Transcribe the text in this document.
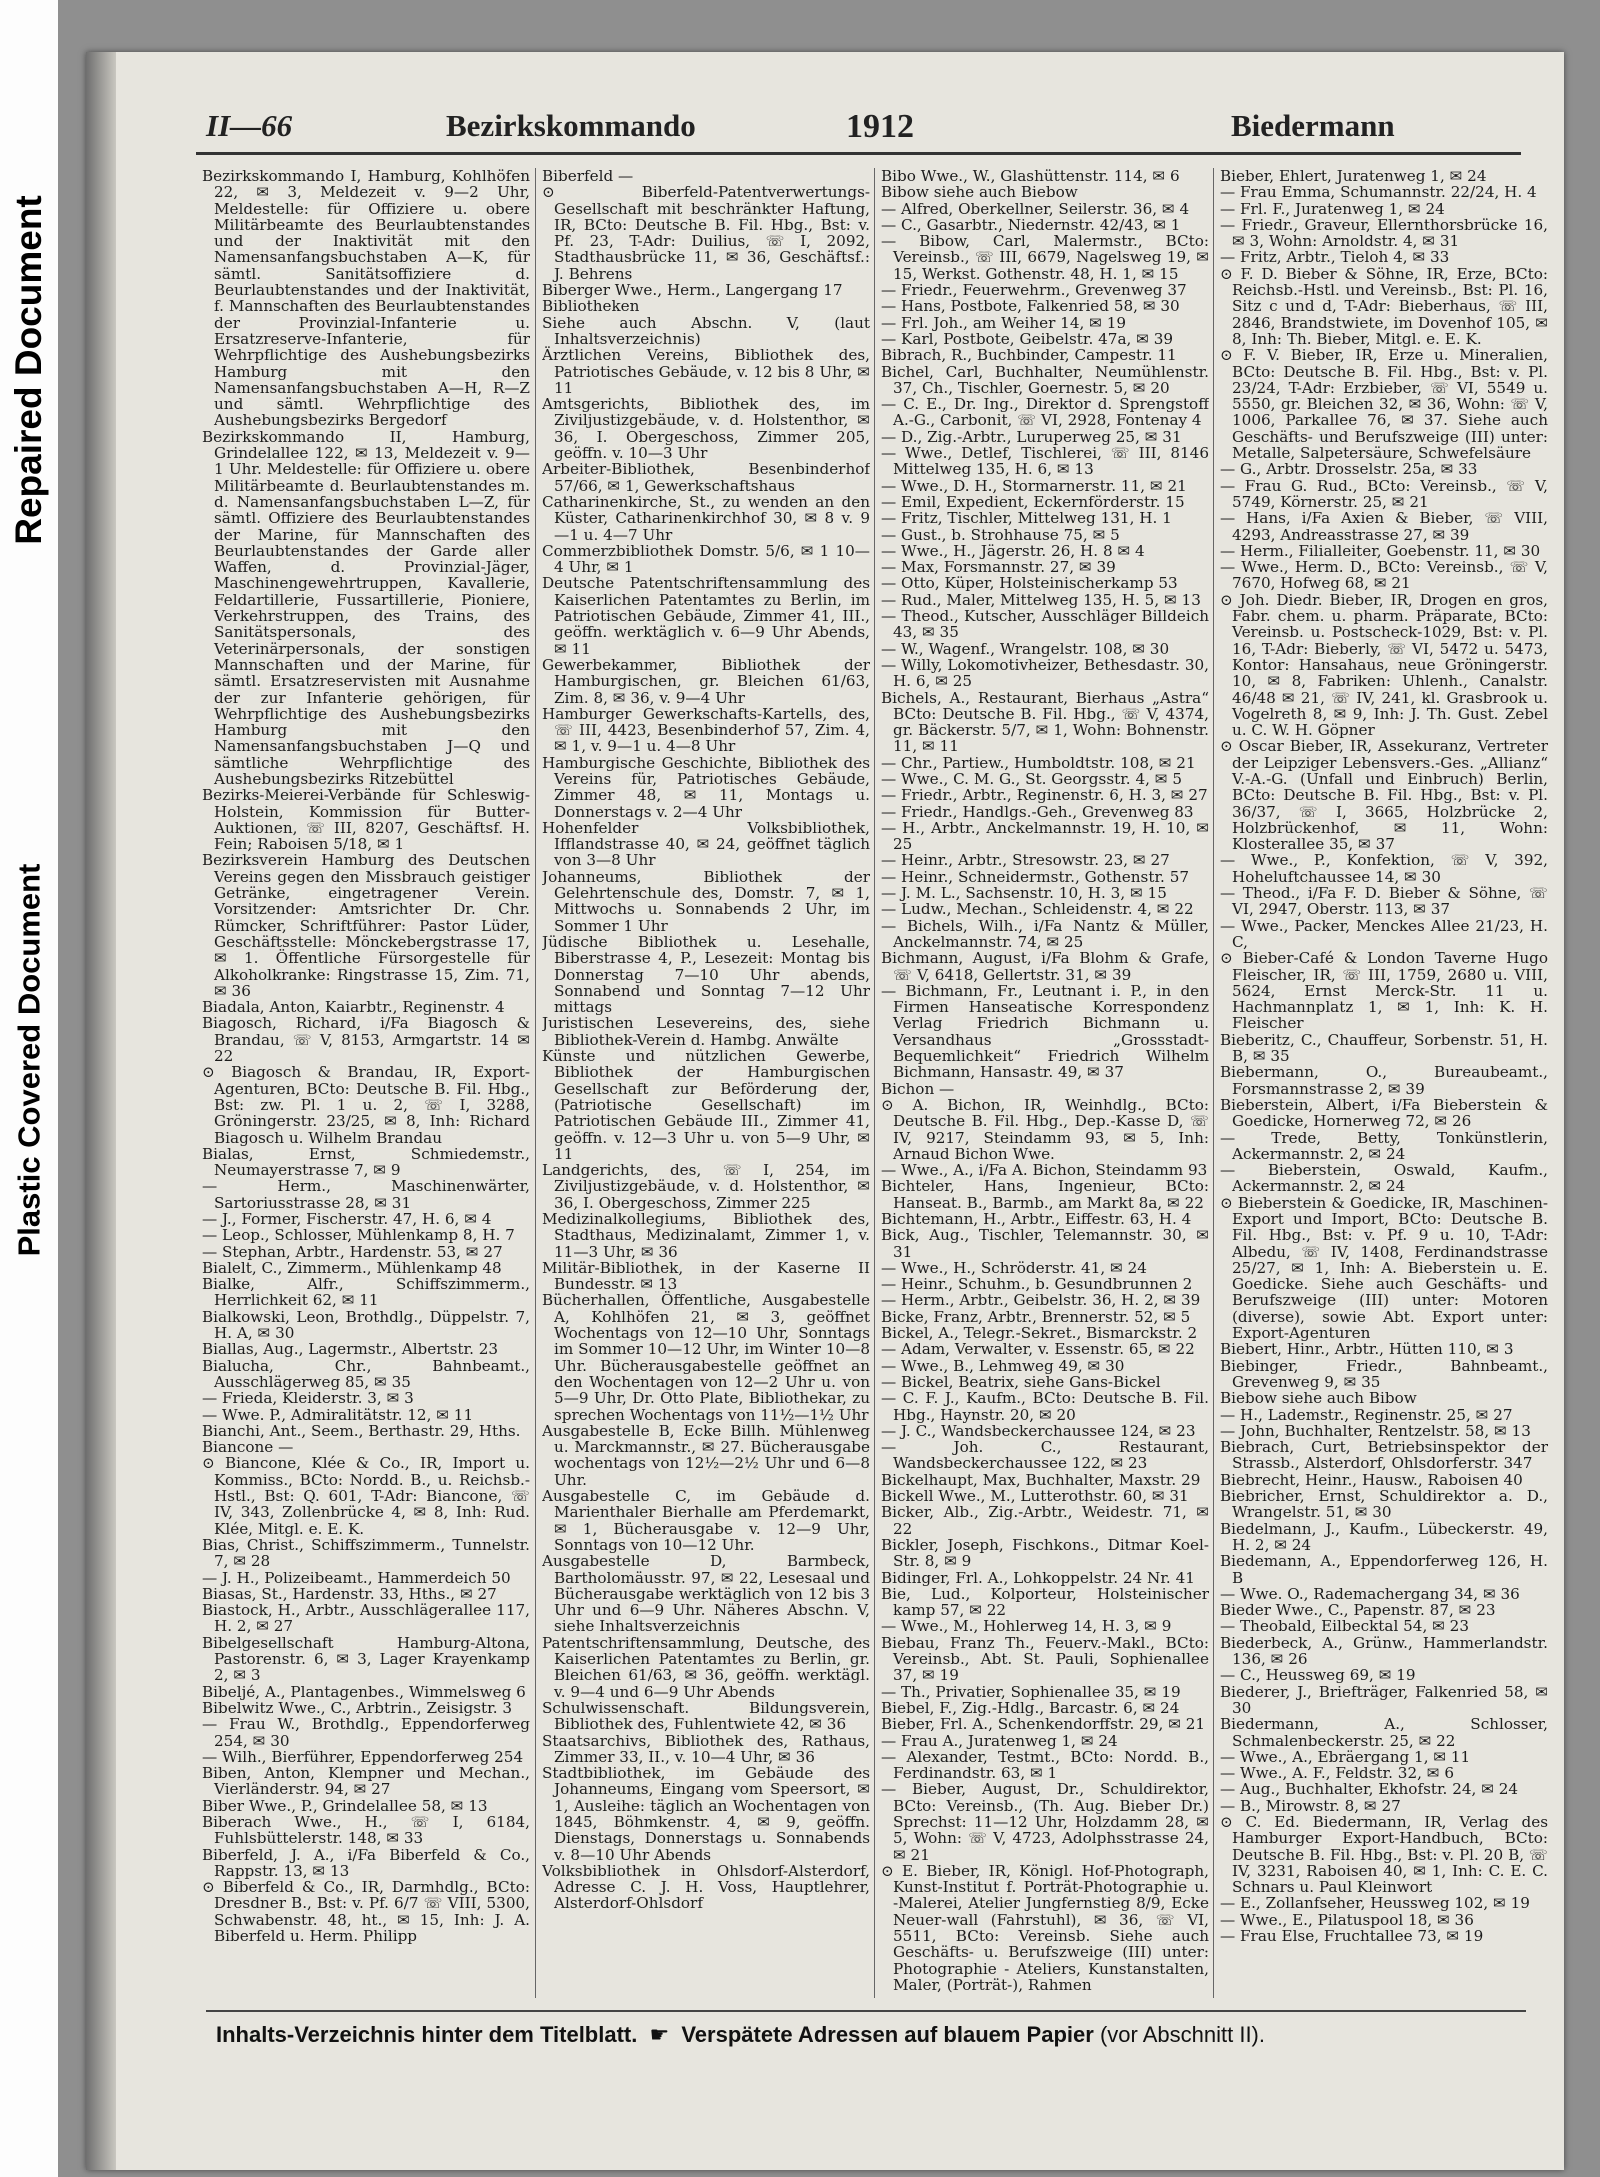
Repaired Document
Plastic Covered Document
II—66	Bezirkskommando	1912	Biedermann

Bezirkskommando I, Hamburg, Kohlhöfen 22, ✉ 3, Meldezeit v. 9—2 Uhr, Meldestelle: für Offiziere u. obere Militärbeamte des Beurlaubtenstandes und der Inaktivität mit den Namensanfangsbuchstaben A—K, für sämtl. Sanitätsoffiziere d. Beurlaubtenstandes und der Inaktivität, f. Mannschaften des Beurlaubtenstandes der Provinzial-Infanterie u. Ersatzreserve-Infanterie, für Wehrpflichtige des Aushebungsbezirks Hamburg mit den Namensanfangsbuchstaben A—H, R—Z und sämtl. Wehrpflichtige des Aushebungsbezirks Bergedorf

Bezirkskommando II, Hamburg, Grindelallee 122, ✉ 13, Meldezeit v. 9—1 Uhr. Meldestelle: für Offiziere u. obere Militärbeamte d. Beurlaubtenstandes m. d. Namensanfangsbuchstaben L—Z, für sämtl. Offiziere des Beurlaubtenstandes der Marine, für Mannschaften des Beurlaubtenstandes der Garde aller Waffen, d. Provinzial-Jäger, Maschinengewehrtruppen, Kavallerie, Feldartillerie, Fussartillerie, Pioniere, Verkehrstruppen, des Trains, des Sanitätspersonals, des Veterinärpersonals, der sonstigen Mannschaften und der Marine, für sämtl. Ersatzreservisten mit Ausnahme der zur Infanterie gehörigen, für Wehrpflichtige des Aushebungsbezirks Hamburg mit den Namensanfangsbuchstaben J—Q und sämtliche Wehrpflichtige des Aushebungsbezirks Ritzebüttel

Bezirks-Meierei-Verbände für Schleswig-Holstein, Kommission für Butter-Auktionen, ☏ III, 8207, Geschäftsf. H. Fein; Raboisen 5/18, ✉ 1

Bezirksverein Hamburg des Deutschen Vereins gegen den Missbrauch geistiger Getränke, eingetragener Verein. Vorsitzender: Amtsrichter Dr. Chr. Rümcker, Schriftführer: Pastor Lüder, Geschäftsstelle: Mönckebergstrasse 17, ✉ 1. Öffentliche Fürsorgestelle für Alkoholkranke: Ringstrasse 15, Zim. 71, ✉ 36

Biadala, Anton, Kaiarbtr., Reginenstr. 4

Biagosch, Richard, i/Fa Biagosch & Brandau, ☏ V, 8153, Armgartstr. 14 ✉ 22

⊙ Biagosch & Brandau, IR, Export-Agenturen, BCto: Deutsche B. Fil. Hbg., Bst: zw. Pl. 1 u. 2, ☏ I, 3288, Gröningerstr. 23/25, ✉ 8, Inh: Richard Biagosch u. Wilhelm Brandau

Bialas, Ernst, Schmiedemstr., Neumayerstrasse 7, ✉ 9

— Herm., Maschinenwärter, Sartoriusstrasse 28, ✉ 31

— J., Former, Fischerstr. 47, H. 6, ✉ 4

— Leop., Schlosser, Mühlenkamp 8, H. 7

— Stephan, Arbtr., Hardenstr. 53, ✉ 27

Bialelt, C., Zimmerm., Mühlenkamp 48

Bialke, Alfr., Schiffszimmerm., Herrlichkeit 62, ✉ 11

Bialkowski, Leon, Brothdlg., Düppelstr. 7, H. A, ✉ 30

Biallas, Aug., Lagermstr., Albertstr. 23

Bialucha, Chr., Bahnbeamt., Ausschlägerweg 85, ✉ 35

— Frieda, Kleiderstr. 3, ✉ 3

— Wwe. P., Admiralitätstr. 12, ✉ 11

Bianchi, Ant., Seem., Berthastr. 29, Hths.

Biancone —

⊙ Biancone, Klée & Co., IR, Import u. Kommiss., BCto: Nordd. B., u. Reichsb.-Hstl., Bst: Q. 601, T-Adr: Biancone, ☏ IV, 343, Zollenbrücke 4, ✉ 8, Inh: Rud. Klée, Mitgl. e. E. K.

Bias, Christ., Schiffszimmerm., Tunnelstr. 7, ✉ 28

— J. H., Polizeibeamt., Hammerdeich 50

Biasas, St., Hardenstr. 33, Hths., ✉ 27

Biastock, H., Arbtr., Ausschlägerallee 117, H. 2, ✉ 27

Bibelgesellschaft Hamburg-Altona, Pastorenstr. 6, ✉ 3, Lager Krayenkamp 2, ✉ 3

Bibeljé, A., Plantagenbes., Wimmelsweg 6

Bibelwitz Wwe., C., Arbtrin., Zeisigstr. 3

— Frau W., Brothdlg., Eppendorferweg 254, ✉ 30

— Wilh., Bierführer, Eppendorferweg 254

Biben, Anton, Klempner und Mechan., Vierländerstr. 94, ✉ 27

Biber Wwe., P., Grindelallee 58, ✉ 13

Biberach Wwe., H., ☏ I, 6184, Fuhlsbüttelerstr. 148, ✉ 33

Biberfeld, J. A., i/Fa Biberfeld & Co., Rappstr. 13, ✉ 13

⊙ Biberfeld & Co., IR, Darmhdlg., BCto: Dresdner B., Bst: v. Pf. 6/7 ☏ VIII, 5300, Schwabenstr. 48, ht., ✉ 15, Inh: J. A. Biberfeld u. Herm. Philipp

Biberfeld —

⊙ Biberfeld-Patentverwertungs-Gesellschaft mit beschränkter Haftung, IR, BCto: Deutsche B. Fil. Hbg., Bst: v. Pf. 23, T-Adr: Duilius, ☏ I, 2092, Stadthausbrücke 11, ✉ 36, Geschäftsf.: J. Behrens

Biberger Wwe., Herm., Langergang 17

Bibliotheken

Siehe auch Abschn. V, (laut Inhaltsverzeichnis)

Ärztlichen Vereins, Bibliothek des, Patriotisches Gebäude, v. 12 bis 8 Uhr, ✉ 11

Amtsgerichts, Bibliothek des, im Ziviljustizgebäude, v. d. Holstenthor, ✉ 36, I. Obergeschoss, Zimmer 205, geöffn. v. 10—3 Uhr

Arbeiter-Bibliothek, Besenbinderhof 57/66, ✉ 1, Gewerkschaftshaus

Catharinenkirche, St., zu wenden an den Küster, Catharinenkirchhof 30, ✉ 8 v. 9—1 u. 4—7 Uhr

Commerzbibliothek Domstr. 5/6, ✉ 1 10—4 Uhr, ✉ 1

Deutsche Patentschriftensammlung des Kaiserlichen Patentamtes zu Berlin, im Patriotischen Gebäude, Zimmer 41, III., geöffn. werktäglich v. 6—9 Uhr Abends, ✉ 11

Gewerbekammer, Bibliothek der Hamburgischen, gr. Bleichen 61/63, Zim. 8, ✉ 36, v. 9—4 Uhr

Hamburger Gewerkschafts-Kartells, des, ☏ III, 4423, Besenbinderhof 57, Zim. 4, ✉ 1, v. 9—1 u. 4—8 Uhr

Hamburgische Geschichte, Bibliothek des Vereins für, Patriotisches Gebäude, Zimmer 48, ✉ 11, Montags u. Donnerstags v. 2—4 Uhr

Hohenfelder Volksbibliothek, Ifflandstrasse 40, ✉ 24, geöffnet täglich von 3—8 Uhr

Johanneums, Bibliothek der Gelehrtenschule des, Domstr. 7, ✉ 1, Mittwochs u. Sonnabends 2 Uhr, im Sommer 1 Uhr

Jüdische Bibliothek u. Lesehalle, Biberstrasse 4, P., Lesezeit: Montag bis Donnerstag 7—10 Uhr abends, Sonnabend und Sonntag 7—12 Uhr mittags

Juristischen Lesevereins, des, siehe Bibliothek-Verein d. Hambg. Anwälte

Künste und nützlichen Gewerbe, Bibliothek der Hamburgischen Gesellschaft zur Beförderung der, (Patriotische Gesellschaft) im Patriotischen Gebäude III., Zimmer 41, geöffn. v. 12—3 Uhr u. von 5—9 Uhr, ✉ 11

Landgerichts, des, ☏ I, 254, im Ziviljustizgebäude, v. d. Holstenthor, ✉ 36, I. Obergeschoss, Zimmer 225

Medizinalkollegiums, Bibliothek des, Stadthaus, Medizinalamt, Zimmer 1, v. 11—3 Uhr, ✉ 36

Militär-Bibliothek, in der Kaserne II Bundesstr. ✉ 13

Bücherhallen, Öffentliche, Ausgabestelle A, Kohlhöfen 21, ✉ 3, geöffnet Wochentags von 12—10 Uhr, Sonntags im Sommer 10—12 Uhr, im Winter 10—8 Uhr. Bücherausgabestelle geöffnet an den Wochentagen von 12—2 Uhr u. von 5—9 Uhr, Dr. Otto Plate, Bibliothekar, zu sprechen Wochentags von 11½—1½ Uhr

Ausgabestelle B, Ecke Billh. Mühlenweg u. Marckmannstr., ✉ 27. Bücherausgabe wochentags von 12½—2½ Uhr und 6—8 Uhr.

Ausgabestelle C, im Gebäude d. Marienthaler Bierhalle am Pferdemarkt, ✉ 1, Bücherausgabe v. 12—9 Uhr, Sonntags von 10—12 Uhr.

Ausgabestelle D, Barmbeck, Bartholomäusstr. 97, ✉ 22, Lesesaal und Bücherausgabe werktäglich von 12 bis 3 Uhr und 6—9 Uhr. Näheres Abschn. V, siehe Inhaltsverzeichnis

Patentschriftensammlung, Deutsche, des Kaiserlichen Patentamtes zu Berlin, gr. Bleichen 61/63, ✉ 36, geöffn. werktägl. v. 9—4 und 6—9 Uhr Abends

Schulwissenschaft. Bildungsverein, Bibliothek des, Fuhlentwiete 42, ✉ 36

Staatsarchivs, Bibliothek des, Rathaus, Zimmer 33, II., v. 10—4 Uhr, ✉ 36

Stadtbibliothek, im Gebäude des Johanneums, Eingang vom Speersort, ✉ 1, Ausleihe: täglich an Wochentagen von 1845, Böhmkenstr. 4, ✉ 9, geöffn. Dienstags, Donnerstags u. Sonnabends v. 8—10 Uhr Abends

Volksbibliothek in Ohlsdorf-Alsterdorf, Adresse C. J. H. Voss, Hauptlehrer, Alsterdorf-Ohlsdorf

Bibo Wwe., W., Glashüttenstr. 114, ✉ 6

Bibow siehe auch Biebow

— Alfred, Oberkellner, Seilerstr. 36, ✉ 4

— C., Gasarbtr., Niedernstr. 42/43, ✉ 1

— Bibow, Carl, Malermstr., BCto: Vereinsb., ☏ III, 6679, Nagelsweg 19, ✉ 15, Werkst. Gothenstr. 48, H. 1, ✉ 15

— Friedr., Feuerwehrm., Grevenweg 37

— Hans, Postbote, Falkenried 58, ✉ 30

— Frl. Joh., am Weiher 14, ✉ 19

— Karl, Postbote, Geibelstr. 47a, ✉ 39

Bibrach, R., Buchbinder, Campestr. 11

Bichel, Carl, Buchhalter, Neumühlenstr. 37, Ch., Tischler, Goernestr. 5, ✉ 20

— C. E., Dr. Ing., Direktor d. Sprengstoff A.-G., Carbonit, ☏ VI, 2928, Fontenay 4

— D., Zig.-Arbtr., Luruperweg 25, ✉ 31

— Wwe., Detlef, Tischlerei, ☏ III, 8146 Mittelweg 135, H. 6, ✉ 13

— Wwe., D. H., Stormarnerstr. 11, ✉ 21

— Emil, Expedient, Eckernförderstr. 15

— Fritz, Tischler, Mittelweg 131, H. 1

— Gust., b. Strohhause 75, ✉ 5

— Wwe., H., Jägerstr. 26, H. 8 ✉ 4

— Max, Forsmannstr. 27, ✉ 39

— Otto, Küper, Holsteinischerkamp 53

— Rud., Maler, Mittelweg 135, H. 5, ✉ 13

— Theod., Kutscher, Ausschläger Billdeich 43, ✉ 35

— W., Wagenf., Wrangelstr. 108, ✉ 30

— Willy, Lokomotivheizer, Bethesdastr. 30, H. 6, ✉ 25

Bichels, A., Restaurant, Bierhaus „Astra“ BCto: Deutsche B. Fil. Hbg., ☏ V, 4374, gr. Bäckerstr. 5/7, ✉ 1, Wohn: Bohnenstr. 11, ✉ 11

— Chr., Partiew., Humboldtstr. 108, ✉ 21

— Wwe., C. M. G., St. Georgsstr. 4, ✉ 5

— Friedr., Arbtr., Reginenstr. 6, H. 3, ✉ 27

— Friedr., Handlgs.-Geh., Grevenweg 83

— H., Arbtr., Anckelmannstr. 19, H. 10, ✉ 25

— Heinr., Arbtr., Stresowstr. 23, ✉ 27

— Heinr., Schneidermstr., Gothenstr. 57

— J. M. L., Sachsenstr. 10, H. 3, ✉ 15

— Ludw., Mechan., Schleidenstr. 4, ✉ 22

— Bichels, Wilh., i/Fa Nantz & Müller, Anckelmannstr. 74, ✉ 25

Bichmann, August, i/Fa Blohm & Grafe, ☏ V, 6418, Gellertstr. 31, ✉ 39

— Bichmann, Fr., Leutnant i. P., in den Firmen Hanseatische Korrespondenz Verlag Friedrich Bichmann u. Versandhaus „Grossstadt-Bequemlichkeit“ Friedrich Wilhelm Bichmann, Hansastr. 49, ✉ 37

Bichon —

⊙ A. Bichon, IR, Weinhdlg., BCto: Deutsche B. Fil. Hbg., Dep.-Kasse D, ☏ IV, 9217, Steindamm 93, ✉ 5, Inh: Arnaud Bichon Wwe.

— Wwe., A., i/Fa A. Bichon, Steindamm 93

Bichteler, Hans, Ingenieur, BCto: Hanseat. B., Barmb., am Markt 8a, ✉ 22

Bichtemann, H., Arbtr., Eiffestr. 63, H. 4

Bick, Aug., Tischler, Telemannstr. 30, ✉ 31

— Wwe., H., Schröderstr. 41, ✉ 24

— Heinr., Schuhm., b. Gesundbrunnen 2

— Herm., Arbtr., Geibelstr. 36, H. 2, ✉ 39

Bicke, Franz, Arbtr., Brennerstr. 52, ✉ 5

Bickel, A., Telegr.-Sekret., Bismarckstr. 2

— Adam, Verwalter, v. Essenstr. 65, ✉ 22

— Wwe., B., Lehmweg 49, ✉ 30

— Bickel, Beatrix, siehe Gans-Bickel

— C. F. J., Kaufm., BCto: Deutsche B. Fil. Hbg., Haynstr. 20, ✉ 20

— J. C., Wandsbeckerchaussee 124, ✉ 23

— Joh. C., Restaurant, Wandsbeckerchaussee 122, ✉ 23

Bickelhaupt, Max, Buchhalter, Maxstr. 29

Bickell Wwe., M., Lutterothstr. 60, ✉ 31

Bicker, Alb., Zig.-Arbtr., Weidestr. 71, ✉ 22

Bickler, Joseph, Fischkons., Ditmar Koel-Str. 8, ✉ 9

Bidinger, Frl. A., Lohkoppelstr. 24 Nr. 41

Bie, Lud., Kolporteur, Holsteinischer kamp 57, ✉ 22

— Wwe., M., Hohlerweg 14, H. 3, ✉ 9

Biebau, Franz Th., Feuerv.-Makl., BCto: Vereinsb., Abt. St. Pauli, Sophienallee 37, ✉ 19

— Th., Privatier, Sophienallee 35, ✉ 19

Biebel, F., Zig.-Hdlg., Barcastr. 6, ✉ 24

Bieber, Frl. A., Schenkendorffstr. 29, ✉ 21

— Frau A., Juratenweg 1, ✉ 24

— Alexander, Testmt., BCto: Nordd. B., Ferdinandstr. 63, ✉ 1

— Bieber, August, Dr., Schuldirektor, BCto: Vereinsb., (Th. Aug. Bieber Dr.) Sprechst: 11—12 Uhr, Holzdamm 28, ✉ 5, Wohn: ☏ V, 4723, Adolphsstrasse 24, ✉ 21

⊙ E. Bieber, IR, Königl. Hof-Photograph, Kunst-Institut f. Porträt-Photographie u. -Malerei, Atelier Jungfernstieg 8/9, Ecke Neuer-wall (Fahrstuhl), ✉ 36, ☏ VI, 5511, BCto: Vereinsb. Siehe auch Geschäfts- u. Berufszweige (III) unter: Photographie - Ateliers, Kunstanstalten, Maler, (Porträt-), Rahmen

Bieber, Ehlert, Juratenweg 1, ✉ 24

— Frau Emma, Schumannstr. 22/24, H. 4

— Frl. F., Juratenweg 1, ✉ 24

— Friedr., Graveur, Ellernthorsbrücke 16, ✉ 3, Wohn: Arnoldstr. 4, ✉ 31

— Fritz, Arbtr., Tieloh 4, ✉ 33

⊙ F. D. Bieber & Söhne, IR, Erze, BCto: Reichsb.-Hstl. und Vereinsb., Bst: Pl. 16, Sitz c und d, T-Adr: Bieberhaus, ☏ III, 2846, Brandstwiete, im Dovenhof 105, ✉ 8, Inh: Th. Bieber, Mitgl. e. E. K.

⊙ F. V. Bieber, IR, Erze u. Mineralien, BCto: Deutsche B. Fil. Hbg., Bst: v. Pl. 23/24, T-Adr: Erzbieber, ☏ VI, 5549 u. 5550, gr. Bleichen 32, ✉ 36, Wohn: ☏ V, 1006, Parkallee 76, ✉ 37. Siehe auch Geschäfts- und Berufszweige (III) unter: Metalle, Salpetersäure, Schwefelsäure

— G., Arbtr. Drosselstr. 25a, ✉ 33

— Frau G. Rud., BCto: Vereinsb., ☏ V, 5749, Körnerstr. 25, ✉ 21

— Hans, i/Fa Axien & Bieber, ☏ VIII, 4293, Andreasstrasse 27, ✉ 39

— Herm., Filialleiter, Goebenstr. 11, ✉ 30

— Wwe., Herm. D., BCto: Vereinsb., ☏ V, 7670, Hofweg 68, ✉ 21

⊙ Joh. Diedr. Bieber, IR, Drogen en gros, Fabr. chem. u. pharm. Präparate, BCto: Vereinsb. u. Postscheck-1029, Bst: v. Pl. 16, T-Adr: Bieberly, ☏ VI, 5472 u. 5473, Kontor: Hansahaus, neue Gröningerstr. 10, ✉ 8, Fabriken: Uhlenh., Canalstr. 46/48 ✉ 21, ☏ IV, 241, kl. Grasbrook u. Vogelreth 8, ✉ 9, Inh: J. Th. Gust. Zebel u. C. W. H. Göpner

⊙ Oscar Bieber, IR, Assekuranz, Vertreter der Leipziger Lebensvers.-Ges. „Allianz“ V.-A.-G. (Unfall und Einbruch) Berlin, BCto: Deutsche B. Fil. Hbg., Bst: v. Pl. 36/37, ☏ I, 3665, Holzbrücke 2, Holzbrückenhof, ✉ 11, Wohn: Klosterallee 35, ✉ 37

— Wwe., P., Konfektion, ☏ V, 392, Hoheluftchaussee 14, ✉ 30

— Theod., i/Fa F. D. Bieber & Söhne, ☏ VI, 2947, Oberstr. 113, ✉ 37

— Wwe., Packer, Menckes Allee 21/23, H. C,

⊙ Bieber-Café & London Taverne Hugo Fleischer, IR, ☏ III, 1759, 2680 u. VIII, 5624, Ernst Merck-Str. 11 u. Hachmannplatz 1, ✉ 1, Inh: K. H. Fleischer

Bieberitz, C., Chauffeur, Sorbenstr. 51, H. B, ✉ 35

Biebermann, O., Bureaubeamt., Forsmannstrasse 2, ✉ 39

Bieberstein, Albert, i/Fa Bieberstein & Goedicke, Hornerweg 72, ✉ 26

— Trede, Betty, Tonkünstlerin, Ackermannstr. 2, ✉ 24

— Bieberstein, Oswald, Kaufm., Ackermannstr. 2, ✉ 24

⊙ Bieberstein & Goedicke, IR, Maschinen-Export und Import, BCto: Deutsche B. Fil. Hbg., Bst: v. Pf. 9 u. 10, T-Adr: Albedu, ☏ IV, 1408, Ferdinandstrasse 25/27, ✉ 1, Inh: A. Bieberstein u. E. Goedicke. Siehe auch Geschäfts- und Berufszweige (III) unter: Motoren (diverse), sowie Abt. Export unter: Export-Agenturen

Biebert, Hinr., Arbtr., Hütten 110, ✉ 3

Biebinger, Friedr., Bahnbeamt., Grevenweg 9, ✉ 35

Biebow siehe auch Bibow

— H., Lademstr., Reginenstr. 25, ✉ 27

— John, Buchhalter, Rentzelstr. 58, ✉ 13

Biebrach, Curt, Betriebsinspektor der Strassb., Alsterdorf, Ohlsdorferstr. 347

Biebrecht, Heinr., Hausw., Raboisen 40

Biebricher, Ernst, Schuldirektor a. D., Wrangelstr. 51, ✉ 30

Biedelmann, J., Kaufm., Lübeckerstr. 49, H. 2, ✉ 24

Biedemann, A., Eppendorferweg 126, H. B

— Wwe. O., Rademachergang 34, ✉ 36

Bieder Wwe., C., Papenstr. 87, ✉ 23

— Theobald, Eilbecktal 54, ✉ 23

Biederbeck, A., Grünw., Hammerlandstr. 136, ✉ 26

— C., Heussweg 69, ✉ 19

Biederer, J., Briefträger, Falkenried 58, ✉ 30

Biedermann, A., Schlosser, Schmalenbeckerstr. 25, ✉ 22

— Wwe., A., Ebräergang 1, ✉ 11

— Wwe., A. F., Feldstr. 32, ✉ 6

— Aug., Buchhalter, Ekhofstr. 24, ✉ 24

— B., Mirowstr. 8, ✉ 27

⊙ C. Ed. Biedermann, IR, Verlag des Hamburger Export-Handbuch, BCto: Deutsche B. Fil. Hbg., Bst: v. Pl. 20 B, ☏ IV, 3231, Raboisen 40, ✉ 1, Inh: C. E. C. Schnars u. Paul Kleinwort

— E., Zollanfseher, Heussweg 102, ✉ 19

— Wwe., E., Pilatuspool 18, ✉ 36

— Frau Else, Fruchtallee 73, ✉ 19

Inhalts-Verzeichnis hinter dem Titelblatt. ☛ Verspätete Adressen auf blauem Papier (vor Abschnitt II).
